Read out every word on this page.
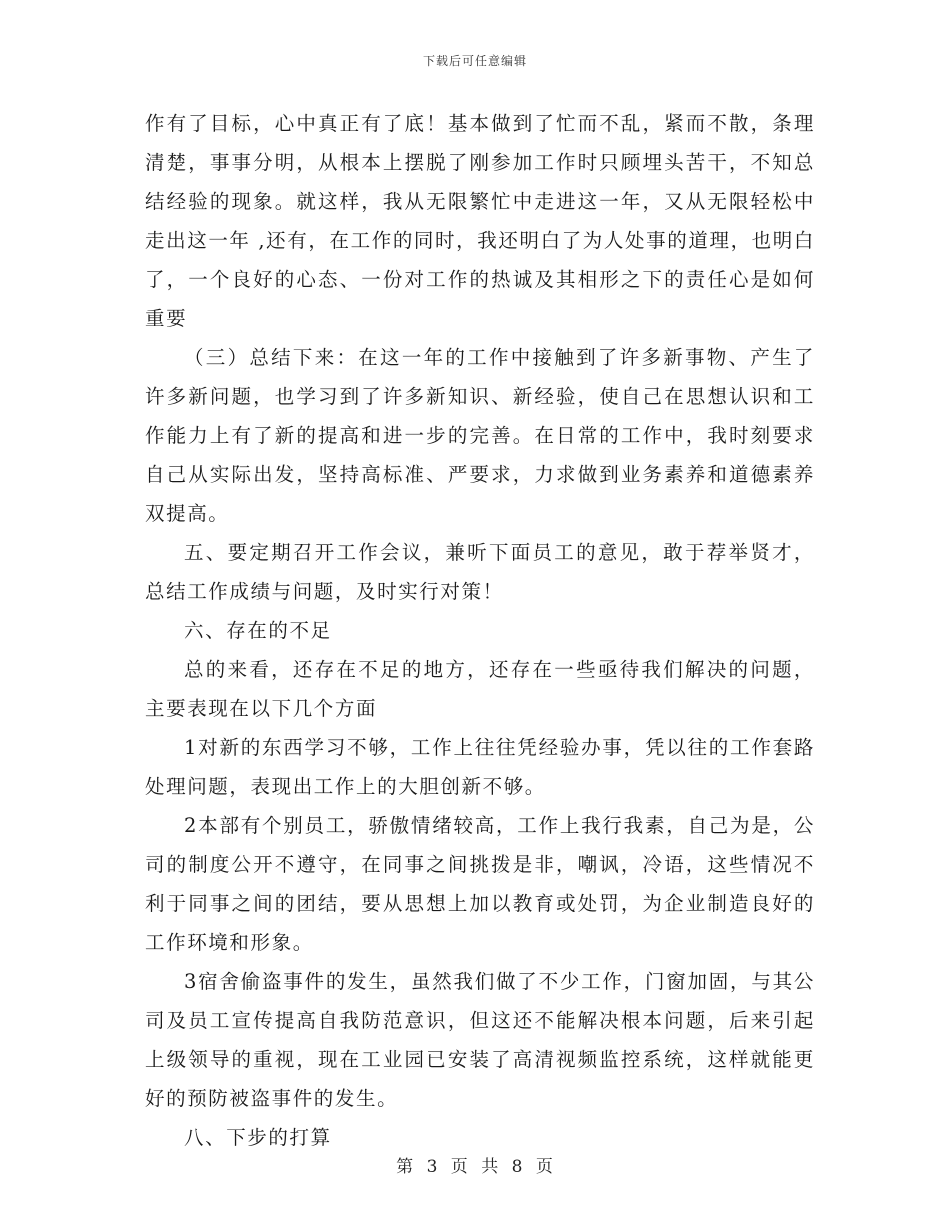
下载后可任意编辑

作有了目标，心中真正有了底！基本做到了忙而不乱，紧而不散，条理清楚，事事分明，从根本上摆脱了刚参加工作时只顾埋头苦干，不知总结经验的现象。就这样，我从无限繁忙中走进这一年，又从无限轻松中走出这一年 ,还有，在工作的同时，我还明白了为人处事的道理，也明白了，一个良好的心态、一份对工作的热诚及其相形之下的责任心是如何重要

（三）总结下来：在这一年的工作中接触到了许多新事物、产生了许多新问题，也学习到了许多新知识、新经验，使自己在思想认识和工作能力上有了新的提高和进一步的完善。在日常的工作中，我时刻要求自己从实际出发，坚持高标准、严要求，力求做到业务素养和道德素养双提高。

五、要定期召开工作会议，兼听下面员工的意见，敢于荐举贤才，总结工作成绩与问题，及时实行对策！

六、存在的不足

总的来看，还存在不足的地方，还存在一些亟待我们解决的问题，主要表现在以下几个方面

1对新的东西学习不够，工作上往往凭经验办事，凭以往的工作套路处理问题，表现出工作上的大胆创新不够。

2本部有个别员工，骄傲情绪较高，工作上我行我素，自己为是，公司的制度公开不遵守，在同事之间挑拨是非，嘲讽，冷语，这些情况不利于同事之间的团结，要从思想上加以教育或处罚，为企业制造良好的工作环境和形象。

3宿舍偷盗事件的发生，虽然我们做了不少工作，门窗加固，与其公司及员工宣传提高自我防范意识，但这还不能解决根本问题，后来引起上级领导的重视，现在工业园已安装了高清视频监控系统，这样就能更好的预防被盗事件的发生。

八、下步的打算

第 3 页 共 8 页
